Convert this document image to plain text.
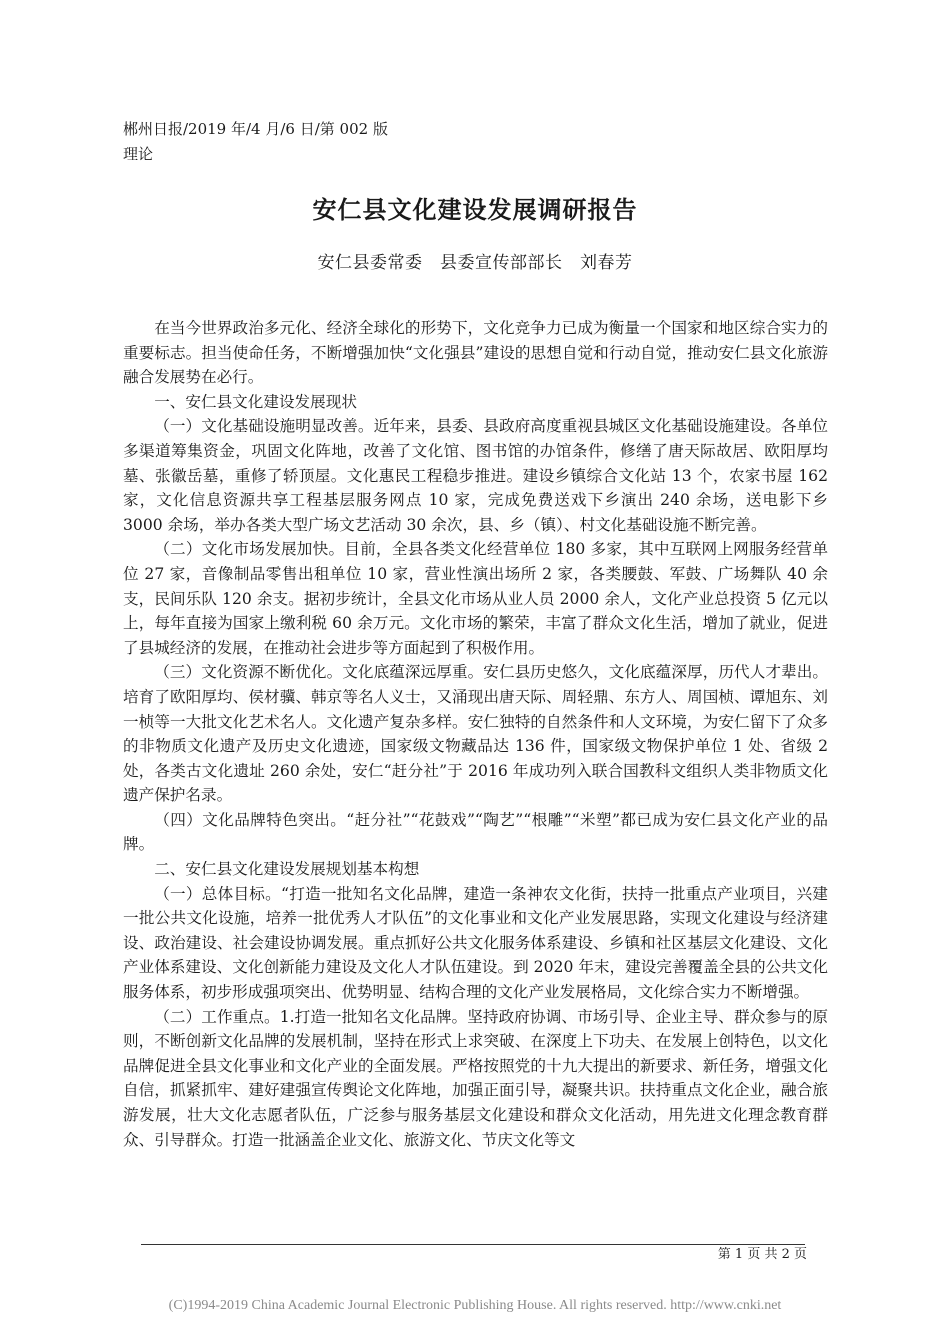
郴州日报/2019 年/4 月/6 日/第 002 版
理论
安仁县文化建设发展调研报告
安仁县委常委　县委宣传部部长　刘春芳

在当今世界政治多元化、经济全球化的形势下，文化竞争力已成为衡量一个国家和地区综合实力的重要标志。担当使命任务，不断增强加快“文化强县”建设的思想自觉和行动自觉，推动安仁县文化旅游融合发展势在必行。

一、安仁县文化建设发展现状

（一）文化基础设施明显改善。近年来，县委、县政府高度重视县城区文化基础设施建设。各单位多渠道筹集资金，巩固文化阵地，改善了文化馆、图书馆的办馆条件，修缮了唐天际故居、欧阳厚均墓、张徽岳墓，重修了轿顶屋。文化惠民工程稳步推进。建设乡镇综合文化站 13 个，农家书屋 162 家，文化信息资源共享工程基层服务网点 10 家，完成免费送戏下乡演出 240 余场，送电影下乡 3000 余场，举办各类大型广场文艺活动 30 余次，县、乡（镇）、村文化基础设施不断完善。

（二）文化市场发展加快。目前，全县各类文化经营单位 180 多家，其中互联网上网服务经营单位 27 家，音像制品零售出租单位 10 家，营业性演出场所 2 家，各类腰鼓、军鼓、广场舞队 40 余支，民间乐队 120 余支。据初步统计，全县文化市场从业人员 2000 余人，文化产业总投资 5 亿元以上，每年直接为国家上缴利税 60 余万元。文化市场的繁荣，丰富了群众文化生活，增加了就业，促进了县城经济的发展，在推动社会进步等方面起到了积极作用。

（三）文化资源不断优化。文化底蕴深远厚重。安仁县历史悠久，文化底蕴深厚，历代人才辈出。培育了欧阳厚均、侯材骥、韩京等名人义士，又涌现出唐天际、周轻鼎、东方人、周国桢、谭旭东、刘一桢等一大批文化艺术名人。文化遗产复杂多样。安仁独特的自然条件和人文环境，为安仁留下了众多的非物质文化遗产及历史文化遗迹，国家级文物藏品达 136 件，国家级文物保护单位 1 处、省级 2 处，各类古文化遗址 260 余处，安仁“赶分社”于 2016 年成功列入联合国教科文组织人类非物质文化遗产保护名录。

（四）文化品牌特色突出。“赶分社”“花鼓戏”“陶艺”“根雕”“米塑”都已成为安仁县文化产业的品牌。

二、安仁县文化建设发展规划基本构想

（一）总体目标。“打造一批知名文化品牌，建造一条神农文化街，扶持一批重点产业项目，兴建一批公共文化设施，培养一批优秀人才队伍”的文化事业和文化产业发展思路，实现文化建设与经济建设、政治建设、社会建设协调发展。重点抓好公共文化服务体系建设、乡镇和社区基层文化建设、文化产业体系建设、文化创新能力建设及文化人才队伍建设。到 2020 年末，建设完善覆盖全县的公共文化服务体系，初步形成强项突出、优势明显、结构合理的文化产业发展格局，文化综合实力不断增强。

（二）工作重点。1.打造一批知名文化品牌。坚持政府协调、市场引导、企业主导、群众参与的原则，不断创新文化品牌的发展机制，坚持在形式上求突破、在深度上下功夫、在发展上创特色，以文化品牌促进全县文化事业和文化产业的全面发展。严格按照党的十九大提出的新要求、新任务，增强文化自信，抓紧抓牢、建好建强宣传舆论文化阵地，加强正面引导，凝聚共识。扶持重点文化企业，融合旅游发展，壮大文化志愿者队伍，广泛参与服务基层文化建设和群众文化活动，用先进文化理念教育群众、引导群众。打造一批涵盖企业文化、旅游文化、节庆文化等文

第 1 页 共 2 页
(C)1994-2019 China Academic Journal Electronic Publishing House. All rights reserved. http://www.cnki.net
